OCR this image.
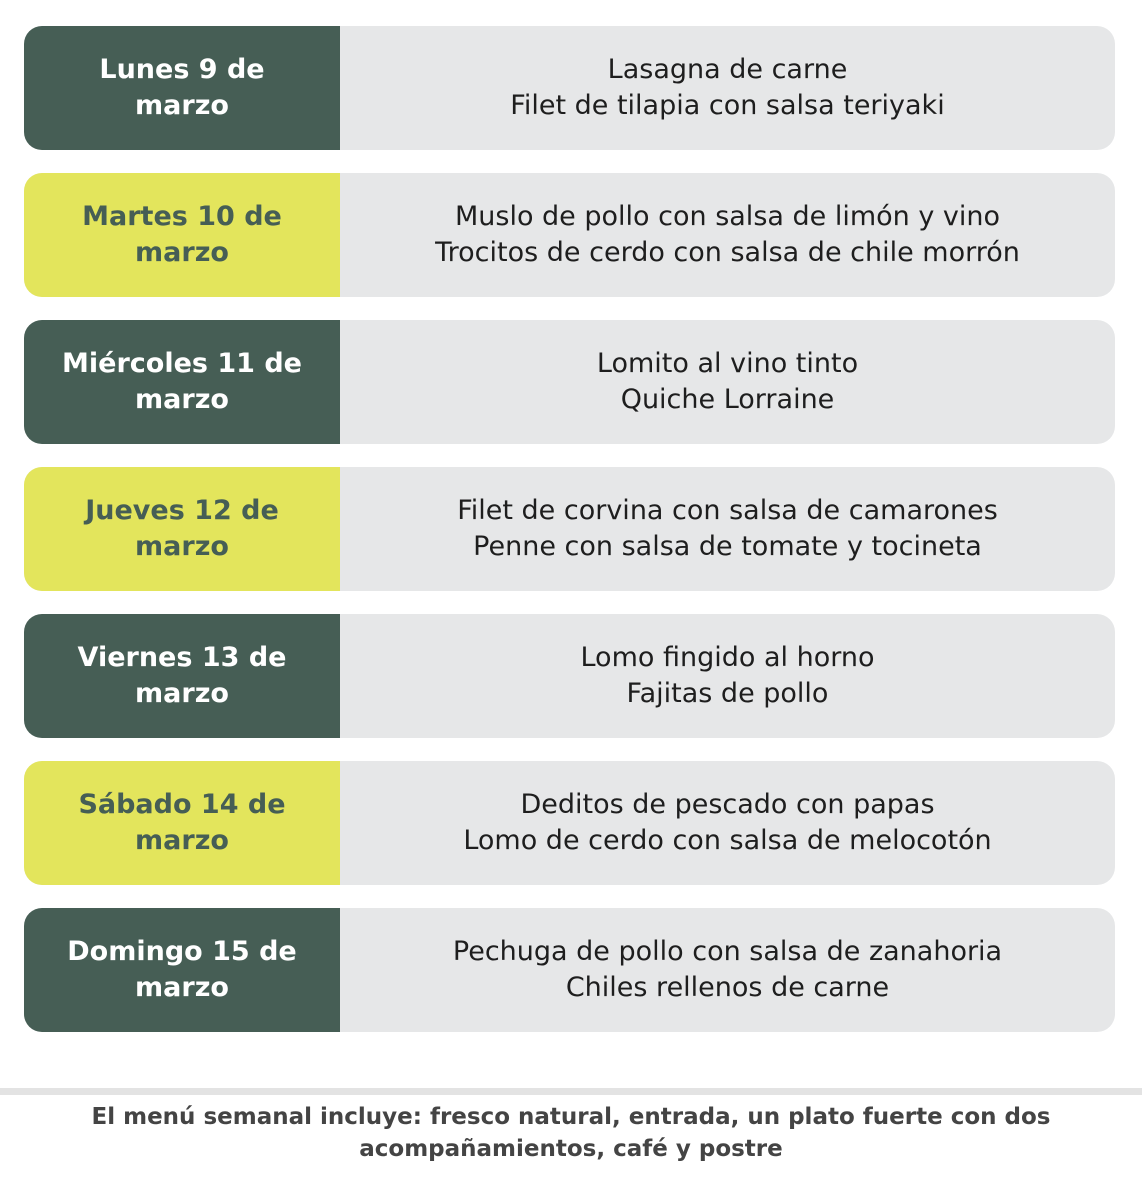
Lunes 9 de marzo
Lasagna de carne
Filet de tilapia con salsa teriyaki
Martes 10 de marzo
Muslo de pollo con salsa de limón y vino
Trocitos de cerdo con salsa de chile morrón
Miércoles 11 de marzo
Lomito al vino tinto
Quiche Lorraine
Jueves 12 de marzo
Filet de corvina con salsa de camarones
Penne con salsa de tomate y tocineta
Viernes 13 de marzo
Lomo fingido al horno
Fajitas de pollo
Sábado 14 de marzo
Deditos de pescado con papas
Lomo de cerdo con salsa de melocotón
Domingo 15 de marzo
Pechuga de pollo con salsa de zanahoria
Chiles rellenos de carne
El menú semanal incluye: fresco natural, entrada, un plato fuerte con dos acompañamientos, café y postre
